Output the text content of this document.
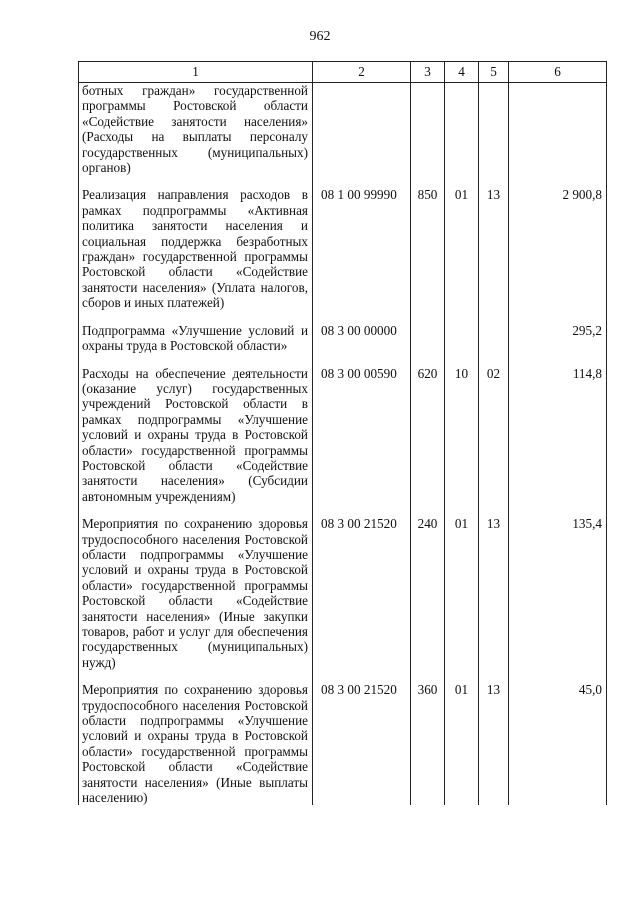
962
1	2	3	4	5	6
ботных граждан» государственной программы Ростовской области «Содействие занятости населения» (Расходы на выплаты персоналу государственных (муниципальных) органов)					

Реализация направления расходов в рамках подпрограммы «Активная политика занятости населения и социальная поддержка безработных граждан» государственной программы Ростовской области «Содействие занятости населения» (Уплата налогов, сборов и иных платежей)	08 1 00 99990	850	01	13	2 900,8

Подпрограмма «Улучшение условий и охраны труда в Ростовской области»	08 3 00 00000				295,2

Расходы на обеспечение деятельности (оказание услуг) государственных учреждений Ростовской области в рамках подпрограммы «Улучшение условий и охраны труда в Ростовской области» государственной программы Ростовской области «Содействие занятости населения» (Субсидии автономным учреждениям)	08 3 00 00590	620	10	02	114,8

Мероприятия по сохранению здоровья трудоспособного населения Ростовской области подпрограммы «Улучшение условий и охраны труда в Ростовской области» государственной программы Ростовской области «Содействие занятости населения» (Иные закупки товаров, работ и услуг для обеспечения государственных (муниципальных) нужд)	08 3 00 21520	240	01	13	135,4

Мероприятия по сохранению здоровья трудоспособного населения Ростовской области подпрограммы «Улучшение условий и охраны труда в Ростовской области» государственной программы Ростовской области «Содействие занятости населения» (Иные выплаты населению)	08 3 00 21520	360	01	13	45,0
